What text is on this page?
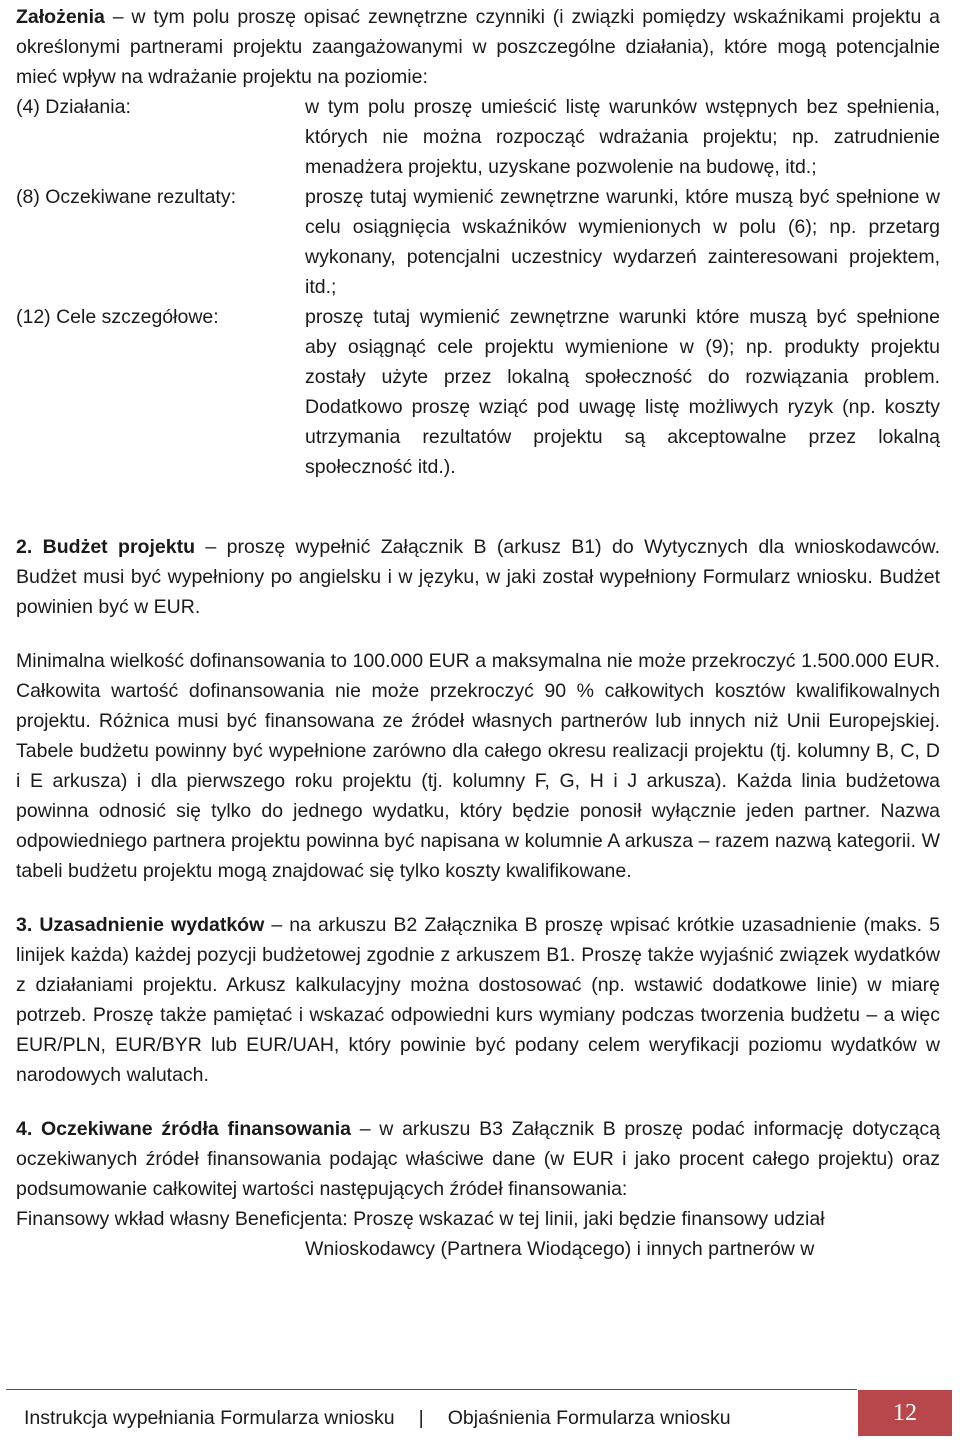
Założenia – w tym polu proszę opisać zewnętrzne czynniki (i związki pomiędzy wskaźnikami projektu a określonymi partnerami projektu zaangażowanymi w poszczególne działania), które mogą potencjalnie mieć wpływ na wdrażanie projektu na poziomie:

(4) Działania:	w tym polu proszę umieścić listę warunków wstępnych bez spełnienia, których nie można rozpocząć wdrażania projektu; np. zatrudnienie menadżera projektu, uzyskane pozwolenie na budowę, itd.;
(8) Oczekiwane rezultaty:	proszę tutaj wymienić zewnętrzne warunki, które muszą być spełnione w celu osiągnięcia wskaźników wymienionych w polu (6); np. przetarg wykonany, potencjalni uczestnicy wydarzeń zainteresowani projektem, itd.;
(12) Cele szczegółowe:	proszę tutaj wymienić zewnętrzne warunki które muszą być spełnione aby osiągnąć cele projektu wymienione w (9); np. produkty projektu zostały użyte przez lokalną społeczność do rozwiązania problem. Dodatkowo proszę wziąć pod uwagę listę możliwych ryzyk (np. koszty utrzymania rezultatów projektu są akceptowalne przez lokalną społeczność itd.).

2. Budżet projektu – proszę wypełnić Załącznik B (arkusz B1) do Wytycznych dla wnioskodawców. Budżet musi być wypełniony po angielsku i w języku, w jaki został wypełniony Formularz wniosku. Budżet powinien być w EUR.

Minimalna wielkość dofinansowania to 100.000 EUR a maksymalna nie może przekroczyć 1.500.000 EUR. Całkowita wartość dofinansowania nie może przekroczyć 90 % całkowitych kosztów kwalifikowalnych projektu. Różnica musi być finansowana ze źródeł własnych partnerów lub innych niż Unii Europejskiej. Tabele budżetu powinny być wypełnione zarówno dla całego okresu realizacji projektu (tj. kolumny B, C, D i E arkusza) i dla pierwszego roku projektu (tj. kolumny F, G, H i J arkusza). Każda linia budżetowa powinna odnosić się tylko do jednego wydatku, który będzie ponosił wyłącznie jeden partner. Nazwa odpowiedniego partnera projektu powinna być napisana w kolumnie A arkusza – razem nazwą kategorii. W tabeli budżetu projektu mogą znajdować się tylko koszty kwalifikowane.

3. Uzasadnienie wydatków – na arkuszu B2 Załącznika B proszę wpisać krótkie uzasadnienie (maks. 5 linijek każda) każdej pozycji budżetowej zgodnie z arkuszem B1. Proszę także wyjaśnić związek wydatków z działaniami projektu. Arkusz kalkulacyjny można dostosować (np. wstawić dodatkowe linie) w miarę potrzeb. Proszę także pamiętać i wskazać odpowiedni kurs wymiany podczas tworzenia budżetu – a więc EUR/PLN, EUR/BYR lub EUR/UAH, który powinie być podany celem weryfikacji poziomu wydatków w narodowych walutach.

4. Oczekiwane źródła finansowania – w arkuszu B3 Załącznik B proszę podać informację dotyczącą oczekiwanych źródeł finansowania podając właściwe dane (w EUR i jako procent całego projektu) oraz podsumowanie całkowitej wartości następujących źródeł finansowania:

Finansowy wkład własny Beneficjenta: Proszę wskazać w tej linii, jaki będzie finansowy udział
Wnioskodawcy (Partnera Wiodącego) i innych partnerów w
Instrukcja wypełniania Formularza wniosku | Objaśnienia Formularza wniosku	12
